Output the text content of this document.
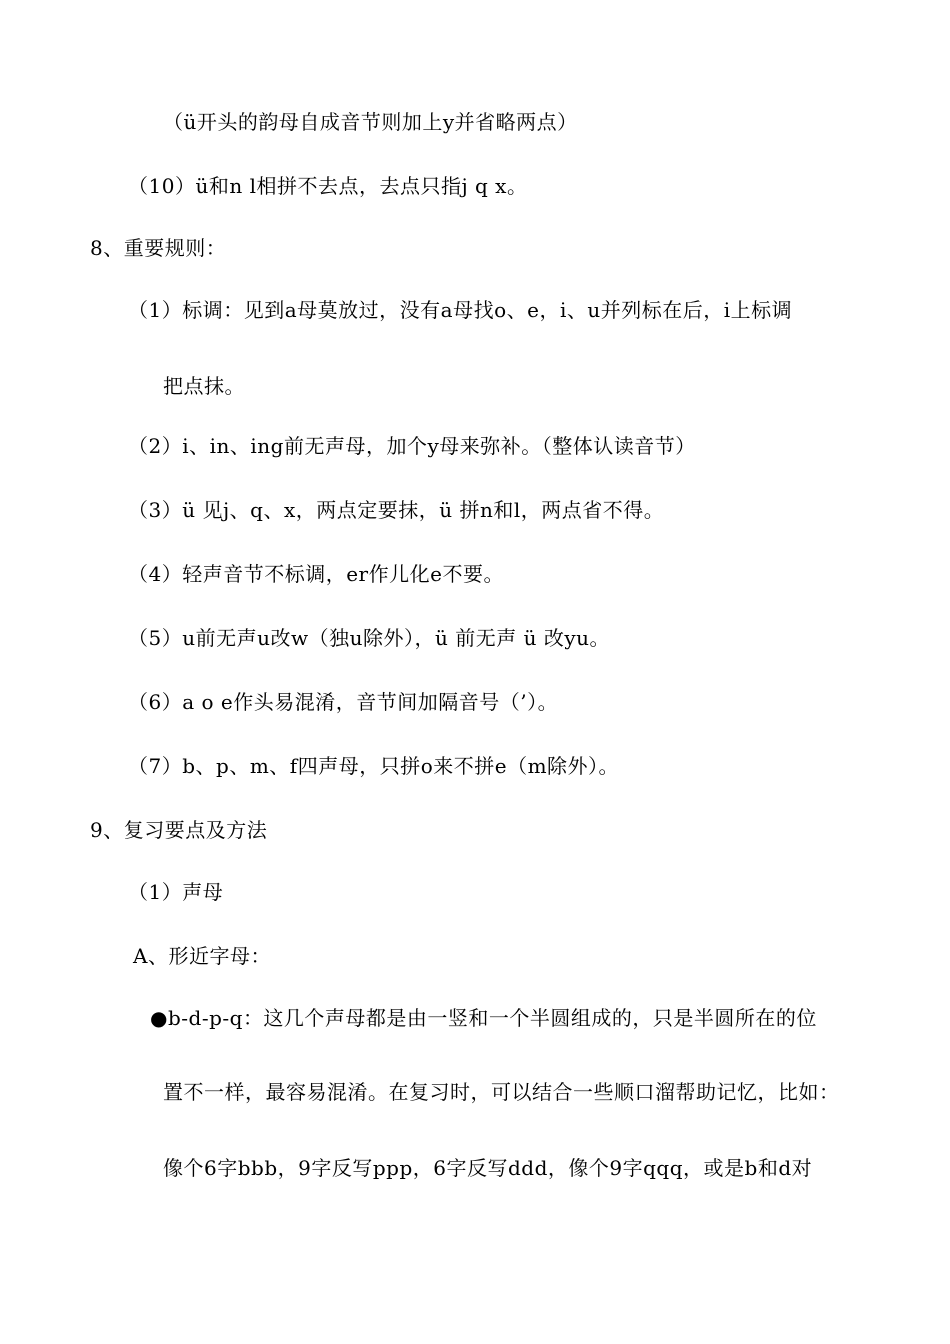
（ü开头的韵母自成音节则加上y并省略两点）
（10）ü和n l相拼不去点，去点只指j q x。
8、重要规则：
（1）标调：见到a母莫放过，没有a母找o、e，i、u并列标在后，i上标调
把点抹。
（2）i、in、ing前无声母，加个y母来弥补。（整体认读音节）
（3）ü 见j、q、x，两点定要抹，ü 拼n和l，两点省不得。
（4）轻声音节不标调，er作儿化e不要。
（5）u前无声u改w（独u除外），ü 前无声 ü 改yu。
（6）a o e作头易混淆，音节间加隔音号（’）。
（7）b、p、m、f四声母，只拼o来不拼e（m除外）。
9、复习要点及方法
（1）声母
A、形近字母：
●b-d-p-q：这几个声母都是由一竖和一个半圆组成的，只是半圆所在的位
置不一样，最容易混淆。在复习时，可以结合一些顺口溜帮助记忆，比如：
像个6字bbb，9字反写ppp，6字反写ddd，像个9字qqq，或是b和d对
